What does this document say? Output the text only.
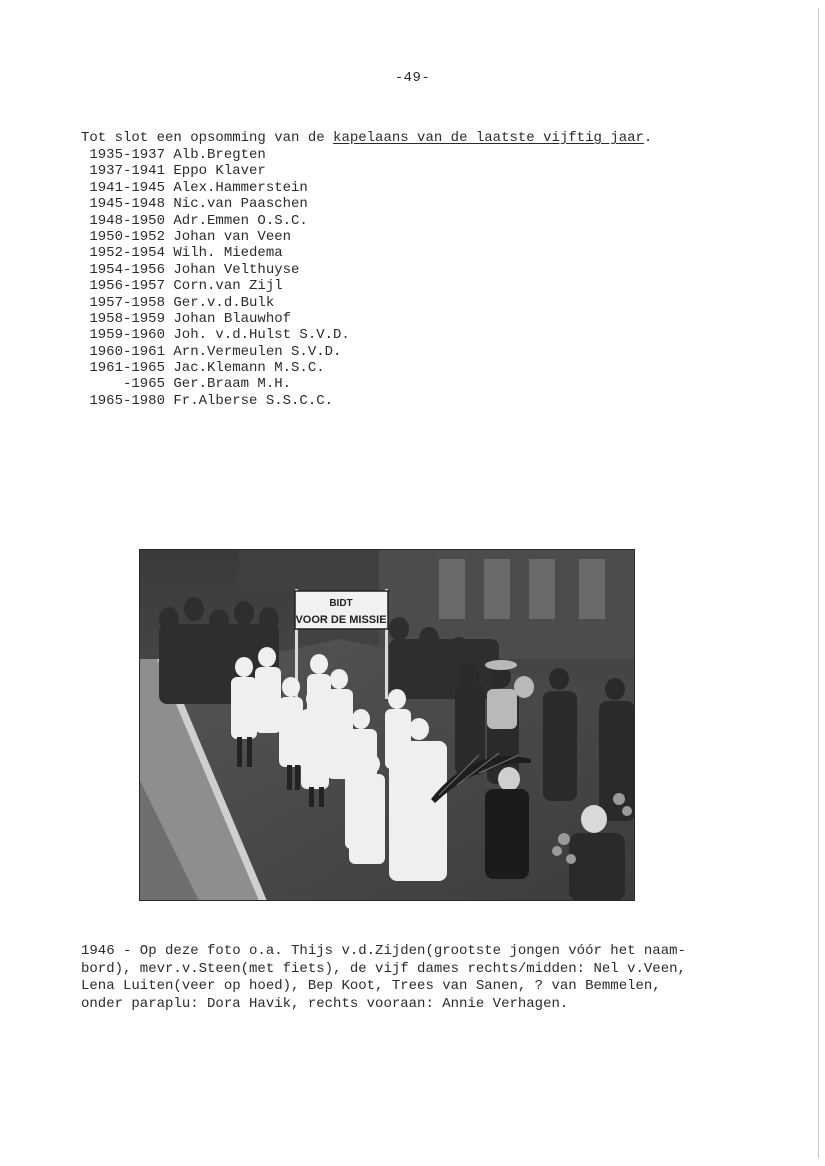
-49-
Tot slot een opsomming van de kapelaans van de laatste vijftig jaar.
1935-1937 Alb.Bregten
1937-1941 Eppo Klaver
1941-1945 Alex.Hammerstein
1945-1948 Nic.van Paaschen
1948-1950 Adr.Emmen O.S.C.
1950-1952 Johan van Veen
1952-1954 Wilh. Miedema
1954-1956 Johan Velthuyse
1956-1957 Corn.van Zijl
1957-1958 Ger.v.d.Bulk
1958-1959 Johan Blauwhof
1959-1960 Joh. v.d.Hulst S.V.D.
1960-1961 Arn.Vermeulen S.V.D.
1961-1965 Jac.Klemann M.S.C.
-1965 Ger.Braam M.H.
1965-1980 Fr.Alberse S.S.C.C.
BIDT
VOOR DE MISSIE

1946 - Op deze foto o.a. Thijs v.d.Zijden(grootste jongen vóór het naam-
bord), mevr.v.Steen(met fiets), de vijf dames rechts/midden: Nel v.Veen,
Lena Luiten(veer op hoed), Bep Koot, Trees van Sanen, ? van Bemmelen,
onder paraplu: Dora Havik, rechts vooraan: Annie Verhagen.
